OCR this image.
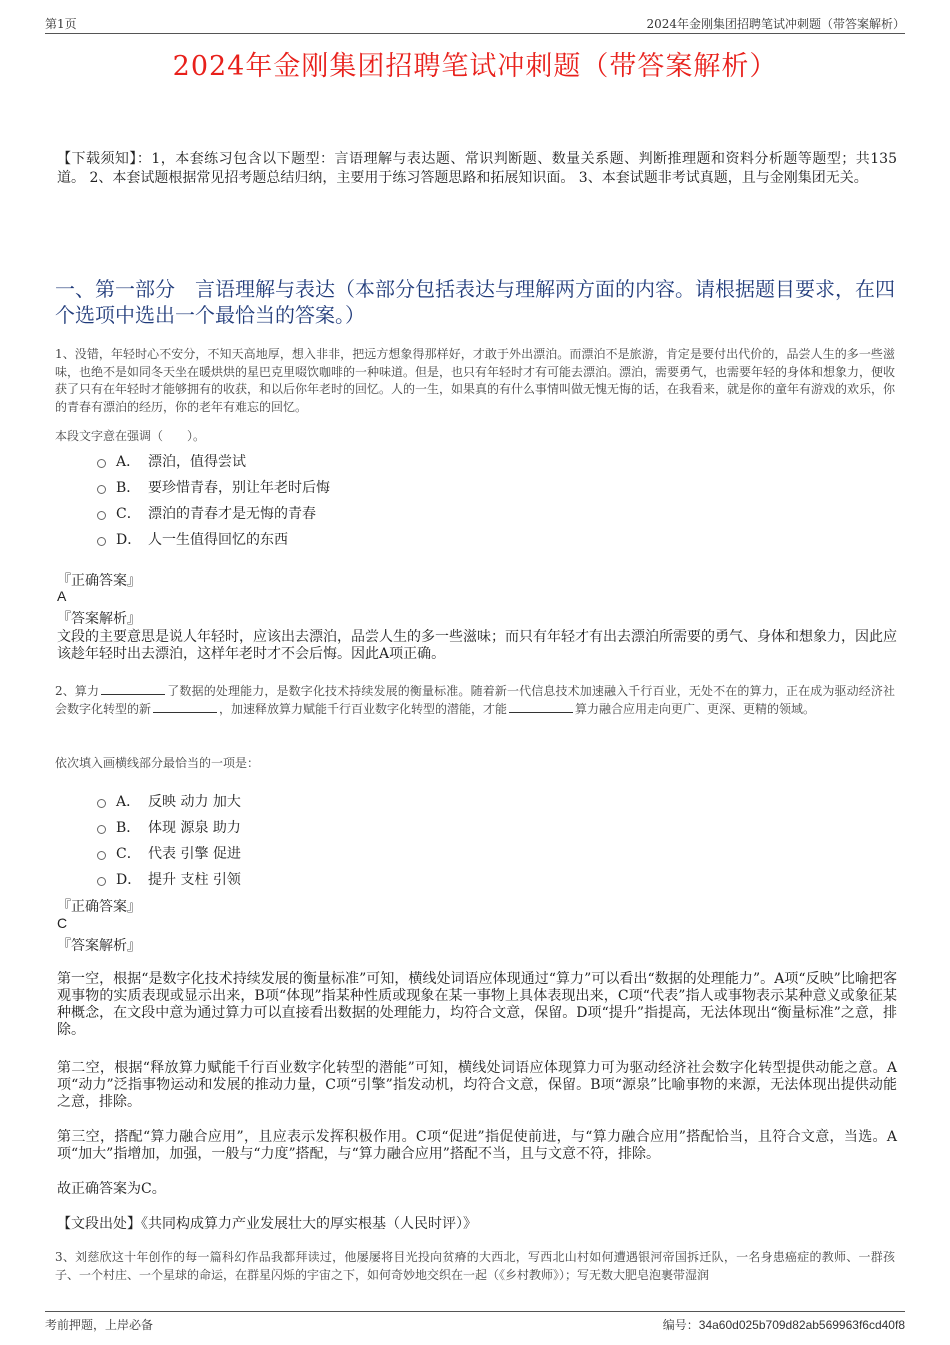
第1页	2024年金刚集团招聘笔试冲刺题（带答案解析）
2024年金刚集团招聘笔试冲刺题（带答案解析）
【下载须知】：1，本套练习包含以下题型：言语理解与表达题、常识判断题、数量关系题、判断推理题和资料分析题等题型；共135道。 2、本套试题根据常见招考题总结归纳，主要用于练习答题思路和拓展知识面。 3、本套试题非考试真题，且与金刚集团无关。
一、第一部分　言语理解与表达（本部分包括表达与理解两方面的内容。请根据题目要求，在四个选项中选出一个最恰当的答案。）
1、没错，年轻时心不安分，不知天高地厚，想入非非，把远方想象得那样好，才敢于外出漂泊。而漂泊不是旅游，肯定是要付出代价的，品尝人生的多一些滋味，也绝不是如同冬天坐在暖烘烘的星巴克里啜饮咖啡的一种味道。但是，也只有年轻时才有可能去漂泊。漂泊，需要勇气，也需要年轻的身体和想象力，便收获了只有在年轻时才能够拥有的收获，和以后你年老时的回忆。人的一生，如果真的有什么事情叫做无愧无悔的话，在我看来，就是你的童年有游戏的欢乐，你的青春有漂泊的经历，你的老年有难忘的回忆。
本段文字意在强调（　　）。
A． 漂泊，值得尝试
B． 要珍惜青春，别让年老时后悔
C． 漂泊的青春才是无悔的青春
D． 人一生值得回忆的东西
『正确答案』
A
『答案解析』
文段的主要意思是说人年轻时，应该出去漂泊，品尝人生的多一些滋味；而只有年轻才有出去漂泊所需要的勇气、身体和想象力，因此应该趁年轻时出去漂泊，这样年老时才不会后悔。因此A项正确。
2、算力	了数据的处理能力，是数字化技术持续发展的衡量标准。随着新一代信息技术加速融入千行百业，无处不在的算力，正在成为驱动经济社会数字化转型的新	，加速释放算力赋能千行百业数字化转型的潜能，才能	算力融合应用走向更广、更深、更精的领域。
依次填入画横线部分最恰当的一项是：
A． 反映 动力 加大
B． 体现 源泉 助力
C． 代表 引擎 促进
D． 提升 支柱 引领
『正确答案』
C
『答案解析』
第一空，根据“是数字化技术持续发展的衡量标准”可知，横线处词语应体现通过“算力”可以看出“数据的处理能力”。A项“反映”比喻把客观事物的实质表现或显示出来，B项“体现”指某种性质或现象在某一事物上具体表现出来，C项“代表”指人或事物表示某种意义或象征某种概念，在文段中意为通过算力可以直接看出数据的处理能力，均符合文意，保留。D项“提升”指提高，无法体现出“衡量标准”之意，排除。
第二空，根据“释放算力赋能千行百业数字化转型的潜能”可知，横线处词语应体现算力可为驱动经济社会数字化转型提供动能之意。A项“动力”泛指事物运动和发展的推动力量，C项“引擎”指发动机，均符合文意，保留。B项“源泉”比喻事物的来源，无法体现出提供动能之意，排除。
第三空，搭配“算力融合应用”，且应表示发挥积极作用。C项“促进”指促使前进，与“算力融合应用”搭配恰当，且符合文意，当选。A项“加大”指增加，加强，一般与“力度”搭配，与“算力融合应用”搭配不当，且与文意不符，排除。
故正确答案为C。
【文段出处】《共同构成算力产业发展壮大的厚实根基（人民时评）》
3、刘慈欣这十年创作的每一篇科幻作品我都拜读过，他屡屡将目光投向贫瘠的大西北，写西北山村如何遭遇银河帝国拆迁队，一名身患癌症的教师、一群孩子、一个村庄、一个星球的命运，在群星闪烁的宇宙之下，如何奇妙地交织在一起（《乡村教师》）；写无数大肥皂泡裹带湿润
考前押题，上岸必备	编号：34a60d025b709d82ab569963f6cd40f8
